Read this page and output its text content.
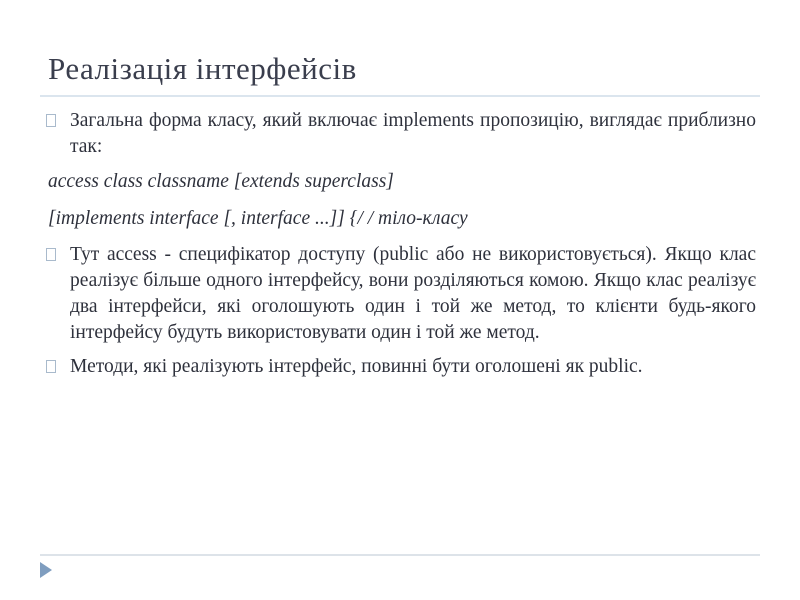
Реалізація інтерфейсів

Загальна форма класу, який включає implements пропозицію, виглядає приблизно так:

access class classname [extends superclass]

[implements interface [, interface ...]] {/ / тіло-класу

Тут access - специфікатор доступу (public або не використовується). Якщо клас реалізує більше одного інтерфейсу, вони розділяються комою. Якщо клас реалізує два інтерфейси, які оголошують один і той же метод, то клієнти будь-якого інтерфейсу будуть використовувати один і той же метод.

Методи, які реалізують інтерфейс, повинні бути оголошені як public.
